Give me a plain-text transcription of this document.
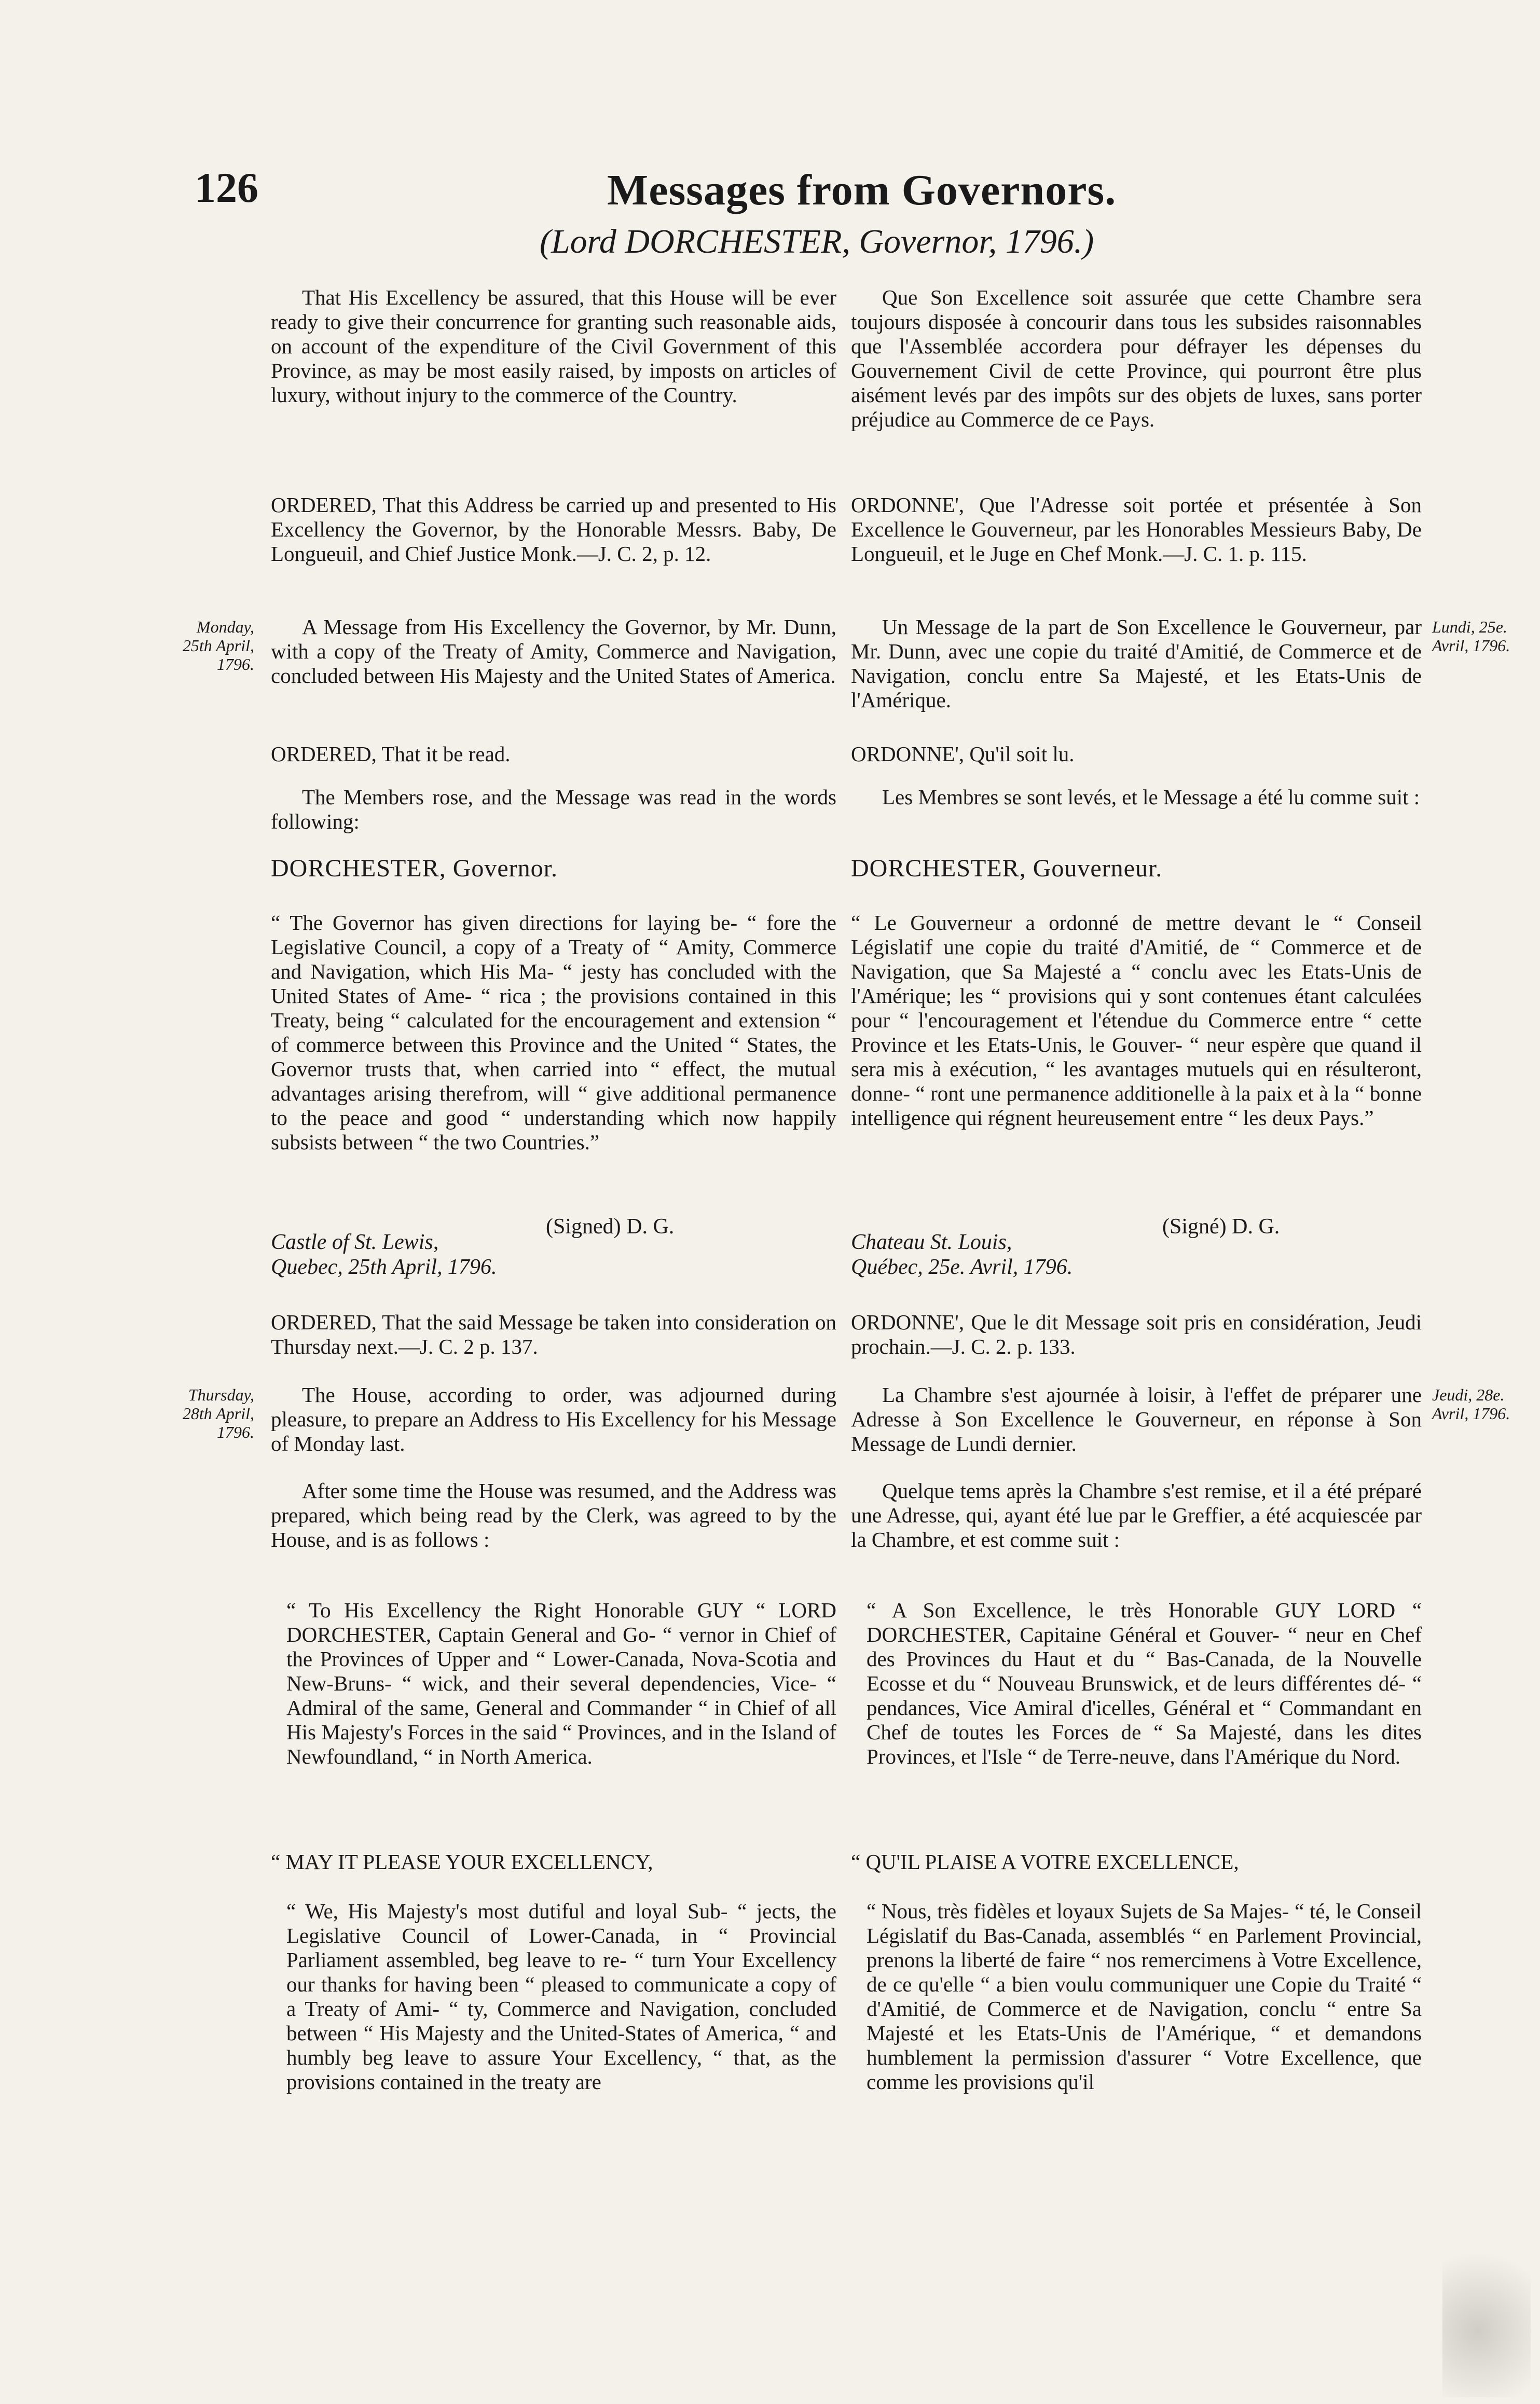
126	Messages from Governors.
(Lord DORCHESTER, Governor, 1796.)

That His Excellency be assured, that this House will be ever ready to give their concurrence for granting such reasonable aids, on account of the expenditure of the Civil Government of this Province, as may be most easily raised, by imposts on articles of luxury, without injury to the commerce of the Country.

ORDERED, That this Address be carried up and presented to His Excellency the Governor, by the Honorable Messrs. Baby, De Longueuil, and Chief Justice Monk.—J. C. 2, p. 12.

A Message from His Excellency the Governor, by Mr. Dunn, with a copy of the Treaty of Amity, Commerce and Navigation, concluded between His Majesty and the United States of America.

ORDERED, That it be read.

The Members rose, and the Message was read in the words following:

DORCHESTER, Governor.

“ The Governor has given directions for laying be- “ fore the Legislative Council, a copy of a Treaty of “ Amity, Commerce and Navigation, which His Ma- “ jesty has concluded with the United States of Ame- “ rica ; the provisions contained in this Treaty, being “ calculated for the encouragement and extension “ of commerce between this Province and the United “ States, the Governor trusts that, when carried into “ effect, the mutual advantages arising therefrom, will “ give additional permanence to the peace and good “ understanding which now happily subsists between “ the two Countries.”

(Signed) D. G.
Castle of St. Lewis,
Quebec, 25th April, 1796.

ORDERED, That the said Message be taken into consideration on Thursday next.—J. C. 2 p. 137.

The House, according to order, was adjourned during pleasure, to prepare an Address to His Excellency for his Message of Monday last.

After some time the House was resumed, and the Address was prepared, which being read by the Clerk, was agreed to by the House, and is as follows :

“ To His Excellency the Right Honorable GUY “ LORD DORCHESTER, Captain General and Go- “ vernor in Chief of the Provinces of Upper and “ Lower-Canada, Nova-Scotia and New-Bruns- “ wick, and their several dependencies, Vice- “ Admiral of the same, General and Commander “ in Chief of all His Majesty's Forces in the said “ Provinces, and in the Island of Newfoundland, “ in North America.

“ MAY IT PLEASE YOUR EXCELLENCY,

“ We, His Majesty's most dutiful and loyal Sub- “ jects, the Legislative Council of Lower-Canada, in “ Provincial Parliament assembled, beg leave to re- “ turn Your Excellency our thanks for having been “ pleased to communicate a copy of a Treaty of Ami- “ ty, Commerce and Navigation, concluded between “ His Majesty and the United-States of America, “ and humbly beg leave to assure Your Excellency, “ that, as the provisions contained in the treaty are

Que Son Excellence soit assurée que cette Chambre sera toujours disposée à concourir dans tous les subsides raisonnables que l'Assemblée accordera pour défrayer les dépenses du Gouvernement Civil de cette Province, qui pourront être plus aisément levés par des impôts sur des objets de luxes, sans porter préjudice au Commerce de ce Pays.

ORDONNE', Que l'Adresse soit portée et présentée à Son Excellence le Gouverneur, par les Honorables Messieurs Baby, De Longueuil, et le Juge en Chef Monk.—J. C. 1. p. 115.

Un Message de la part de Son Excellence le Gouverneur, par Mr. Dunn, avec une copie du traité d'Amitié, de Commerce et de Navigation, conclu entre Sa Majesté, et les Etats-Unis de l'Amérique.

ORDONNE', Qu'il soit lu.

Les Membres se sont levés, et le Message a été lu comme suit :

DORCHESTER, Gouverneur.

“ Le Gouverneur a ordonné de mettre devant le “ Conseil Législatif une copie du traité d'Amitié, de “ Commerce et de Navigation, que Sa Majesté a “ conclu avec les Etats-Unis de l'Amérique; les “ provisions qui y sont contenues étant calculées pour “ l'encouragement et l'étendue du Commerce entre “ cette Province et les Etats-Unis, le Gouver- “ neur espère que quand il sera mis à exécution, “ les avantages mutuels qui en résulteront, donne- “ ront une permanence additionelle à la paix et à la “ bonne intelligence qui régnent heureusement entre “ les deux Pays.”

(Signé) D. G.
Chateau St. Louis,
Québec, 25e. Avril, 1796.

ORDONNE', Que le dit Message soit pris en considération, Jeudi prochain.—J. C. 2. p. 133.

La Chambre s'est ajournée à loisir, à l'effet de préparer une Adresse à Son Excellence le Gouverneur, en réponse à Son Message de Lundi dernier.

Quelque tems après la Chambre s'est remise, et il a été préparé une Adresse, qui, ayant été lue par le Greffier, a été acquiescée par la Chambre, et est comme suit :

“ A Son Excellence, le très Honorable GUY LORD “ DORCHESTER, Capitaine Général et Gouver- “ neur en Chef des Provinces du Haut et du “ Bas-Canada, de la Nouvelle Ecosse et du “ Nouveau Brunswick, et de leurs différentes dé- “ pendances, Vice Amiral d'icelles, Général et “ Commandant en Chef de toutes les Forces de “ Sa Majesté, dans les dites Provinces, et l'Isle “ de Terre-neuve, dans l'Amérique du Nord.

“ QU'IL PLAISE A VOTRE EXCELLENCE,

“ Nous, très fidèles et loyaux Sujets de Sa Majes- “ té, le Conseil Législatif du Bas-Canada, assemblés “ en Parlement Provincial, prenons la liberté de faire “ nos remercimens à Votre Excellence, de ce qu'elle “ a bien voulu communiquer une Copie du Traité “ d'Amitié, de Commerce et de Navigation, conclu “ entre Sa Majesté et les Etats-Unis de l'Amérique, “ et demandons humblement la permission d'assurer “ Votre Excellence, que comme les provisions qu'il

Monday,
25th April,
1796.
Thursday,
28th April,
1796.
Lundi, 25e.
Avril, 1796.
Jeudi, 28e.
Avril, 1796.
